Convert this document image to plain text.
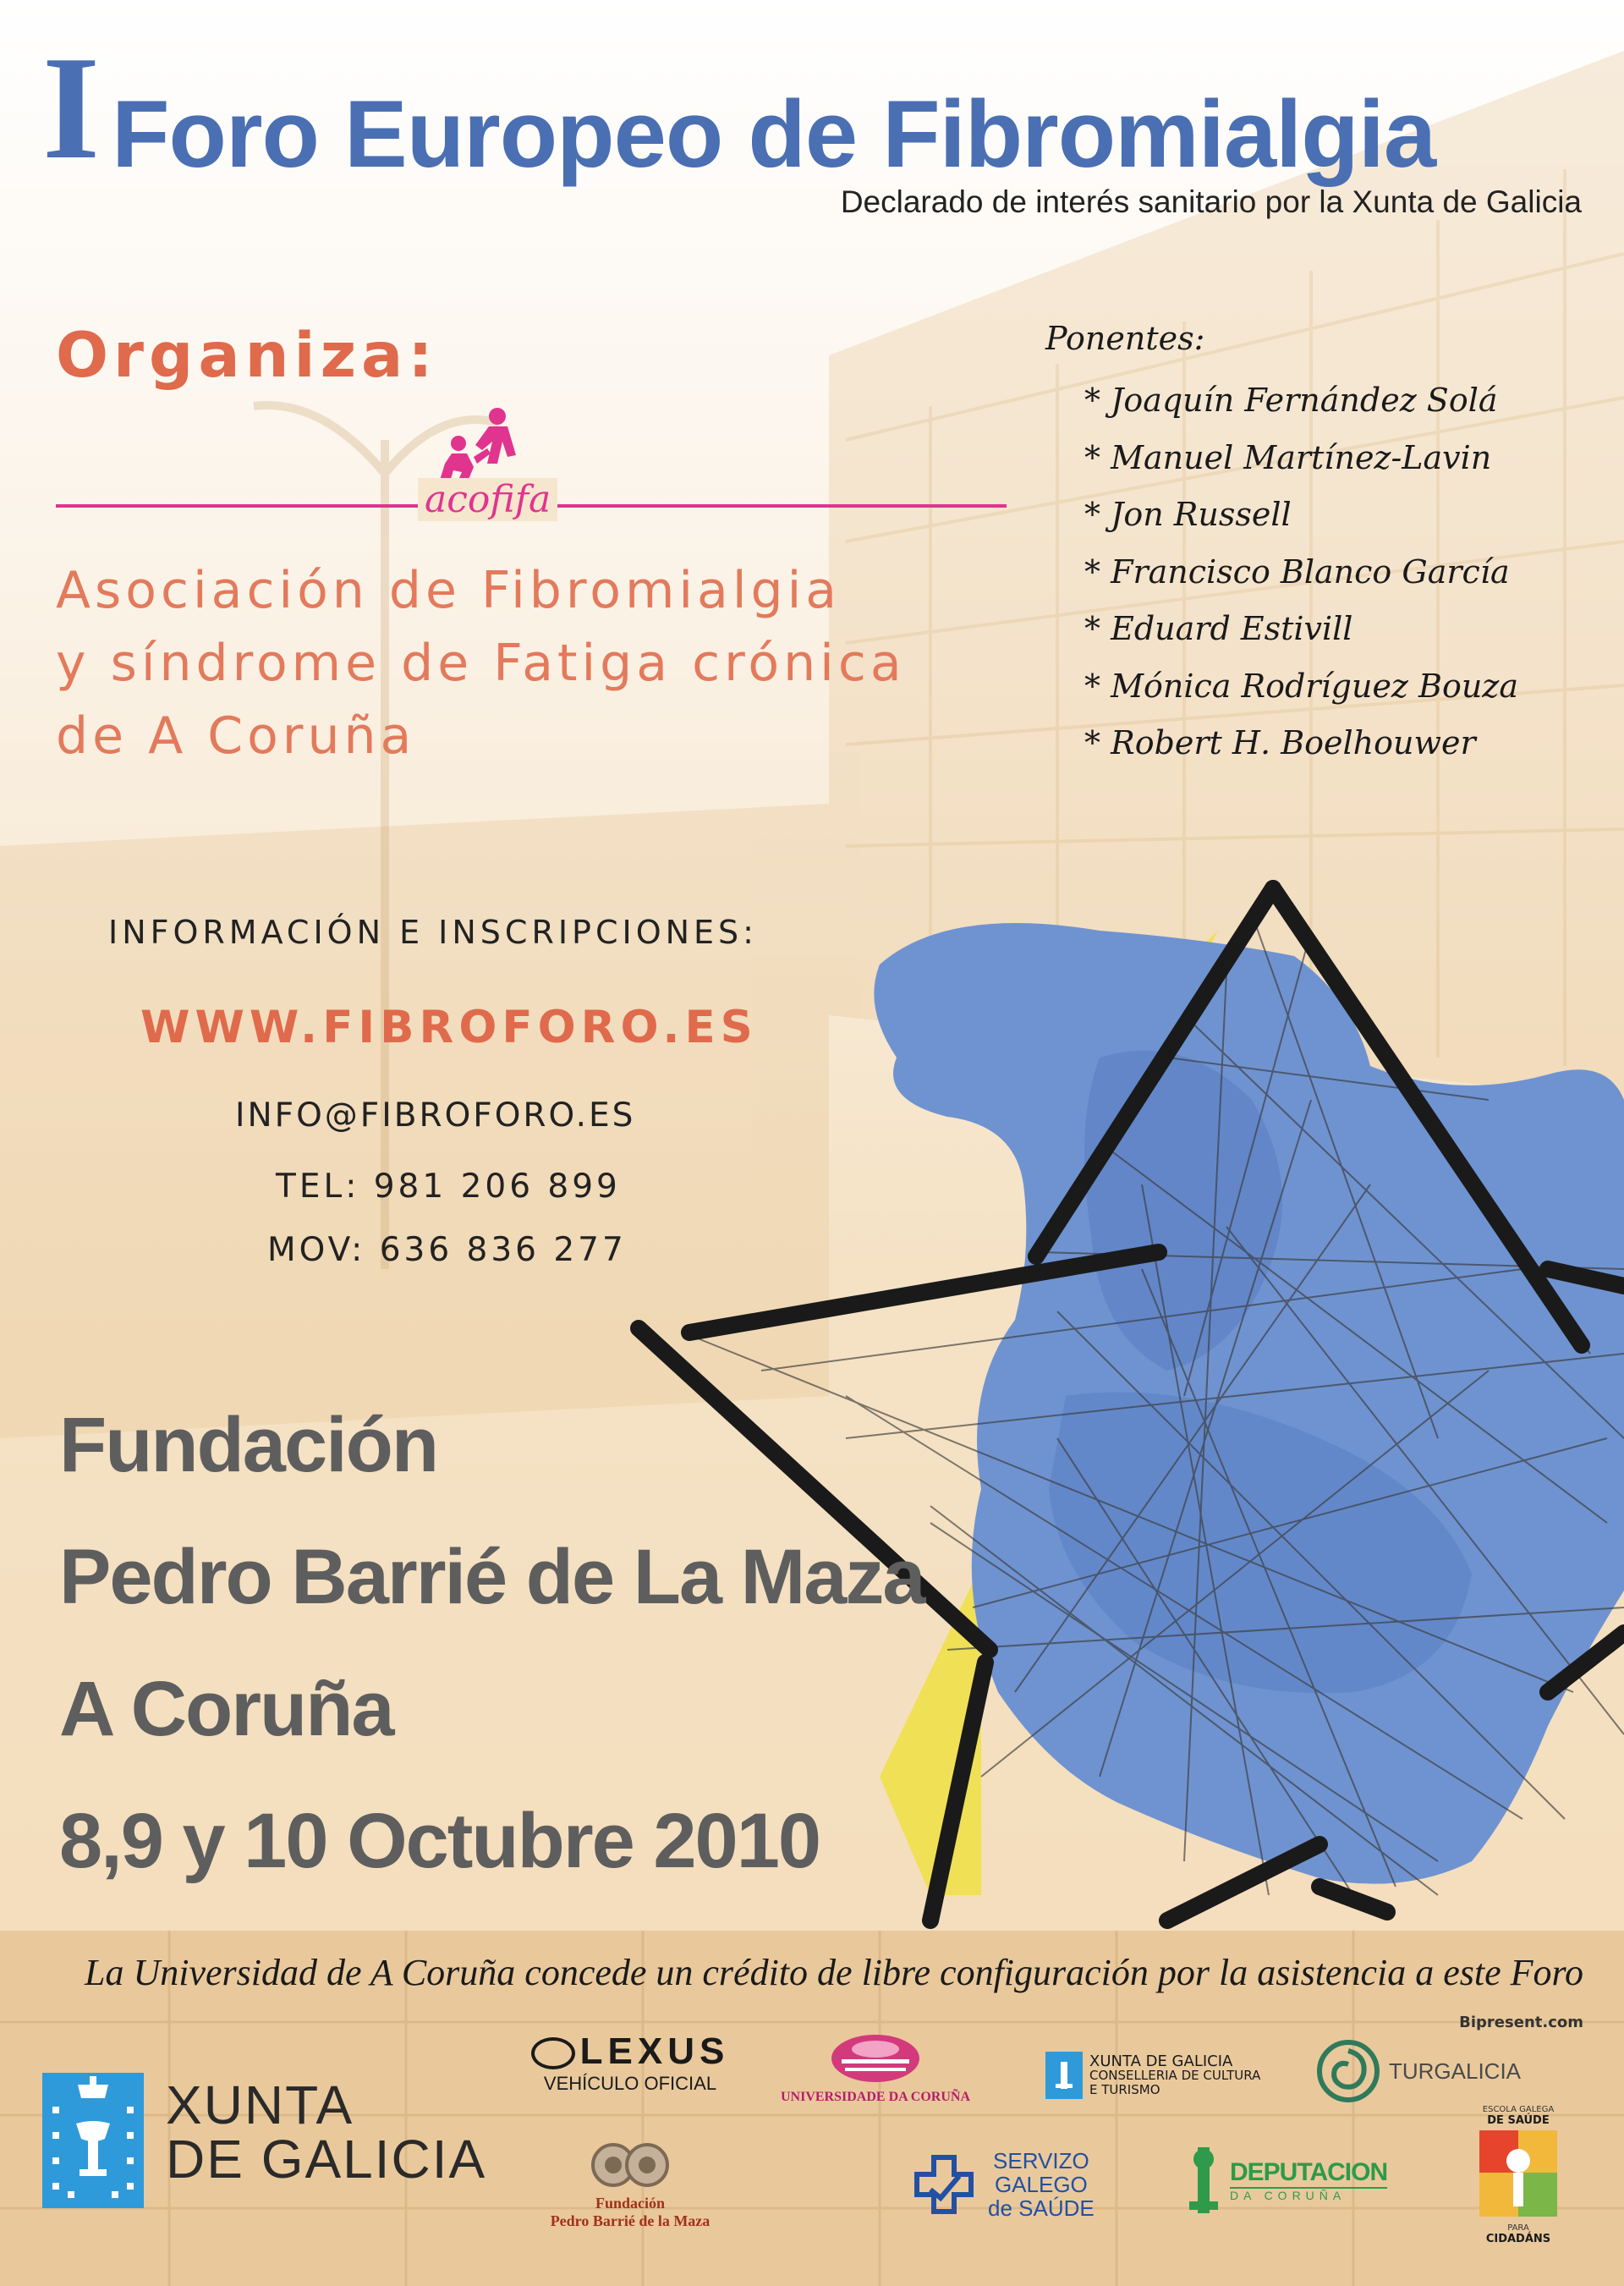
I Foro Europeo de Fibromialgia
Declarado de interés sanitario por la Xunta de Galicia
Organiza:
acofifa
Asociación de Fibromialgia
y síndrome de Fatiga crónica
de A Coruña
Ponentes:
* Joaquín Fernández Solá
* Manuel Martínez-Lavin
* Jon Russell
* Francisco Blanco García
* Eduard Estivill
* Mónica Rodríguez Bouza
* Robert H. Boelhouwer
INFORMACIÓN E INSCRIPCIONES:
WWW.FIBROFORO.ES
INFO@FIBROFORO.ES
TEL: 981 206 899
MOV: 636 836 277
Fundación
Pedro Barrié de La Maza
A Coruña
8,9 y 10 Octubre 2010
La Universidad de A Coruña concede un crédito de libre configuración por la asistencia a este Foro
Bipresent.com
XUNTA
DE GALICIA
LEXUS
VEHÍCULO OFICIAL
UNIVERSIDADE DA CORUÑA
XUNTA DE GALICIA
CONSELLERIA DE CULTURA
E TURISMO
TURGALICIA
Fundación
Pedro Barrié de la Maza
SERVIZO
GALEGO
de SAÚDE
DEPUTACION
DA CORUÑA
ESCOLA GALEGA
DE SAÚDE
PARA
CIDADÁNS
